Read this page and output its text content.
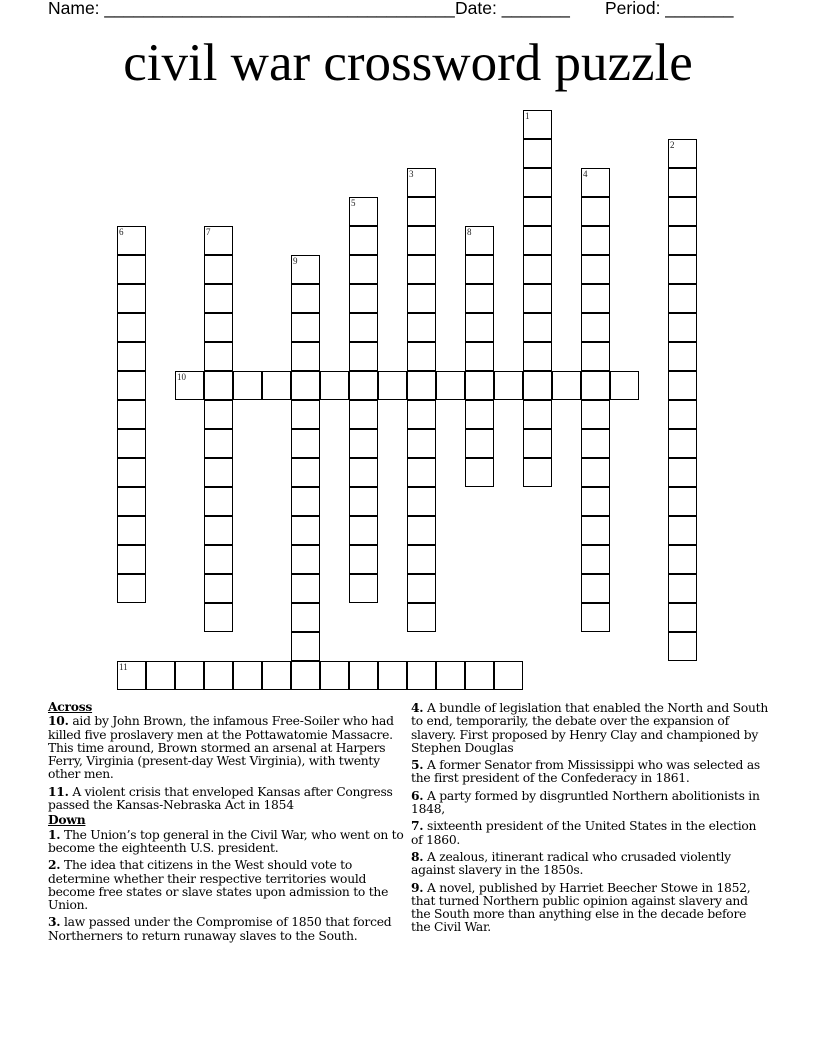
Name: ____________________________________

Date: _______

Period: _______

civil war crossword puzzle
1
2
3	4
5
6	7	8
9
10
11
Across
10. aid by John Brown, the infamous Free-Soiler who had killed five proslavery men at the Pottawatomie Massacre. This time around, Brown stormed an arsenal at Harpers Ferry, Virginia (present-day West Virginia), with twenty other men.
11. A violent crisis that enveloped Kansas after Congress passed the Kansas-Nebraska Act in 1854
Down
1. The Union’s top general in the Civil War, who went on to become the eighteenth U.S. president.
2. The idea that citizens in the West should vote to determine whether their respective territories would become free states or slave states upon admission to the Union.
3. law passed under the Compromise of 1850 that forced Northerners to return runaway slaves to the South.
4. A bundle of legislation that enabled the North and South to end, temporarily, the debate over the expansion of slavery. First proposed by Henry Clay and championed by Stephen Douglas
5. A former Senator from Mississippi who was selected as the first president of the Confederacy in 1861.
6. A party formed by disgruntled Northern abolitionists in 1848,
7. sixteenth president of the United States in the election of 1860.
8. A zealous, itinerant radical who crusaded violently against slavery in the 1850s.
9. A novel, published by Harriet Beecher Stowe in 1852, that turned Northern public opinion against slavery and the South more than anything else in the decade before the Civil War.
